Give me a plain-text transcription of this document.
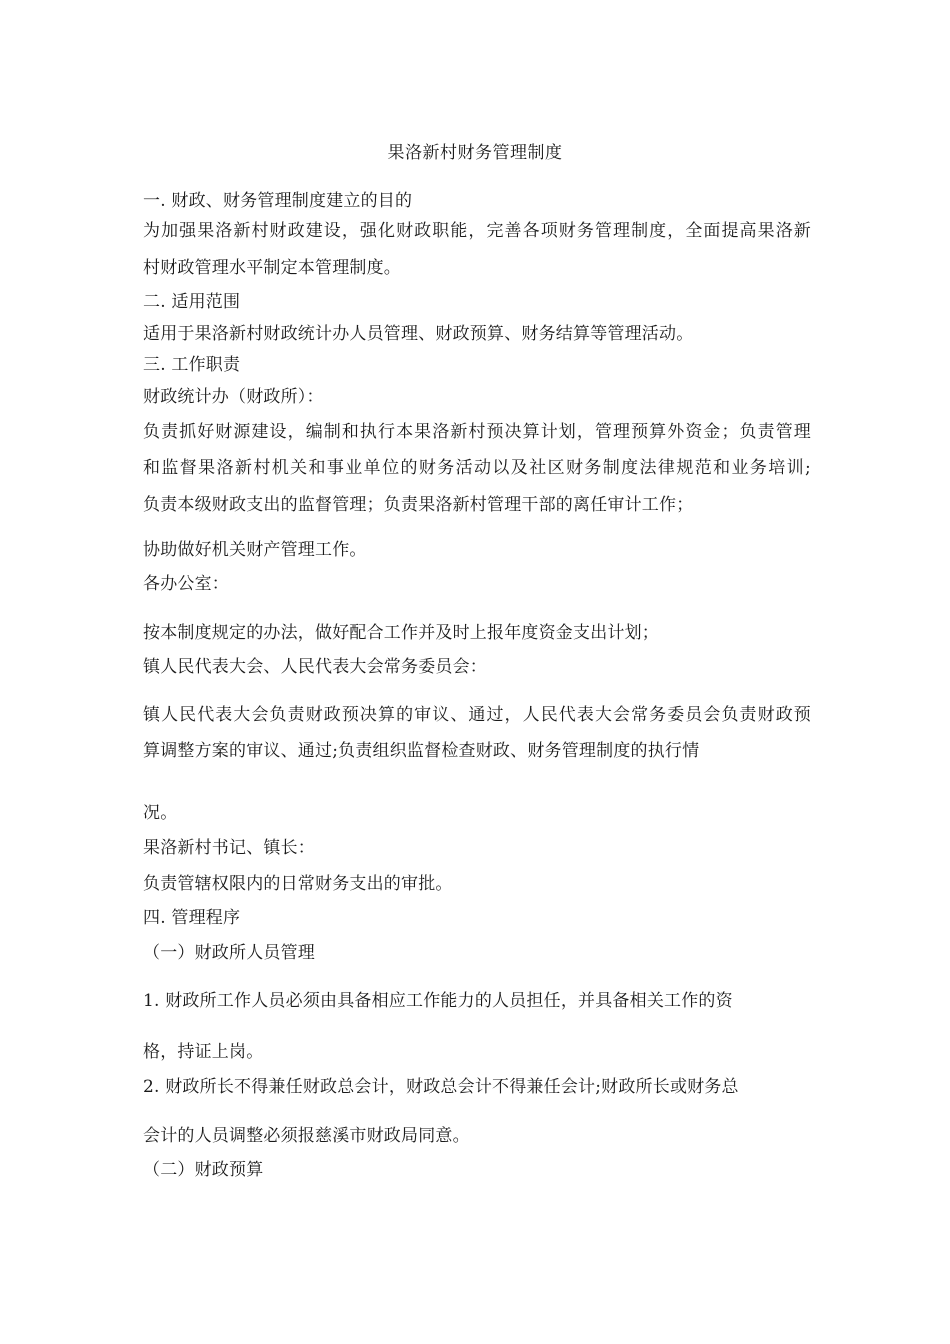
果洛新村财务管理制度
一. 财政、财务管理制度建立的目的
为加强果洛新村财政建设，强化财政职能，完善各项财务管理制度，全面提高果洛新
村财政管理水平制定本管理制度。
二. 适用范围
适用于果洛新村财政统计办人员管理、财政预算、财务结算等管理活动。
三. 工作职责
财政统计办（财政所）：
负责抓好财源建设，编制和执行本果洛新村预决算计划，管理预算外资金；负责管理
和监督果洛新村机关和事业单位的财务活动以及社区财务制度法律规范和业务培训;
负责本级财政支出的监督管理；负责果洛新村管理干部的离任审计工作；
协助做好机关财产管理工作。
各办公室：
按本制度规定的办法，做好配合工作并及时上报年度资金支出计划；
镇人民代表大会、人民代表大会常务委员会：
镇人民代表大会负责财政预决算的审议、通过，人民代表大会常务委员会负责财政预
算调整方案的审议、通过;负责组织监督检查财政、财务管理制度的执行情
况。
果洛新村书记、镇长：
负责管辖权限内的日常财务支出的审批。
四. 管理程序
（一）财政所人员管理
1. 财政所工作人员必须由具备相应工作能力的人员担任，并具备相关工作的资
格，持证上岗。
2. 财政所长不得兼任财政总会计，财政总会计不得兼任会计;财政所长或财务总
会计的人员调整必须报慈溪市财政局同意。
（二）财政预算
